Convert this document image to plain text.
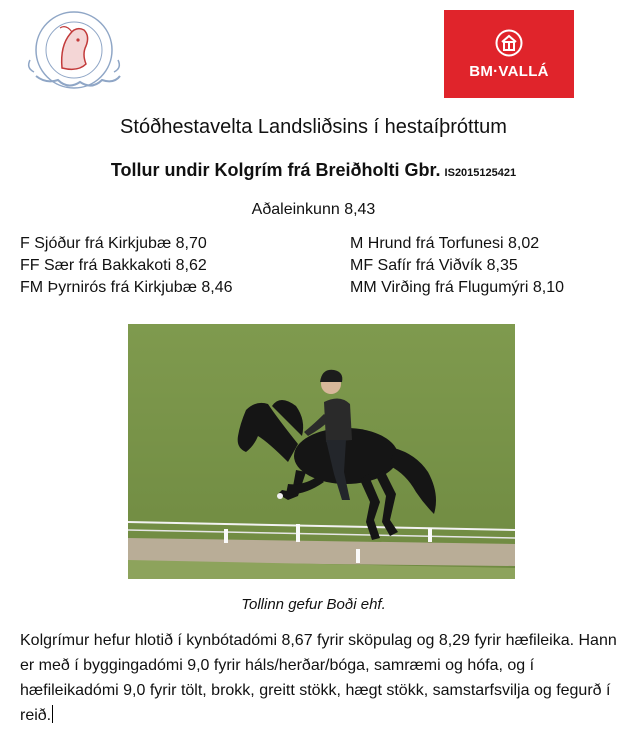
BM·VALLÁ
Stóðhestavelta Landsliðsins í hestaíþróttum
Tollur undir Kolgrím frá Breiðholti Gbr. IS2015125421
Aðaleinkunn 8,43
F Sjóður frá Kirkjubæ 8,70
FF Sær frá Bakkakoti 8,62
FM Þyrnirós frá Kirkjubæ 8,46
M Hrund frá Torfunesi 8,02
MF Safír frá Viðvík 8,35
MM Virðing frá Flugumýri 8,10
Tollinn gefur Boði ehf.
Kolgrímur hefur hlotið í kynbótadómi 8,67 fyrir sköpulag og 8,29 fyrir hæfileika. Hann er með í byggingadómi 9,0 fyrir háls/herðar/bóga, samræmi og hófa, og í hæfileikadómi 9,0 fyrir tölt, brokk, greitt stökk, hægt stökk, samstarfsvilja og fegurð í reið.
